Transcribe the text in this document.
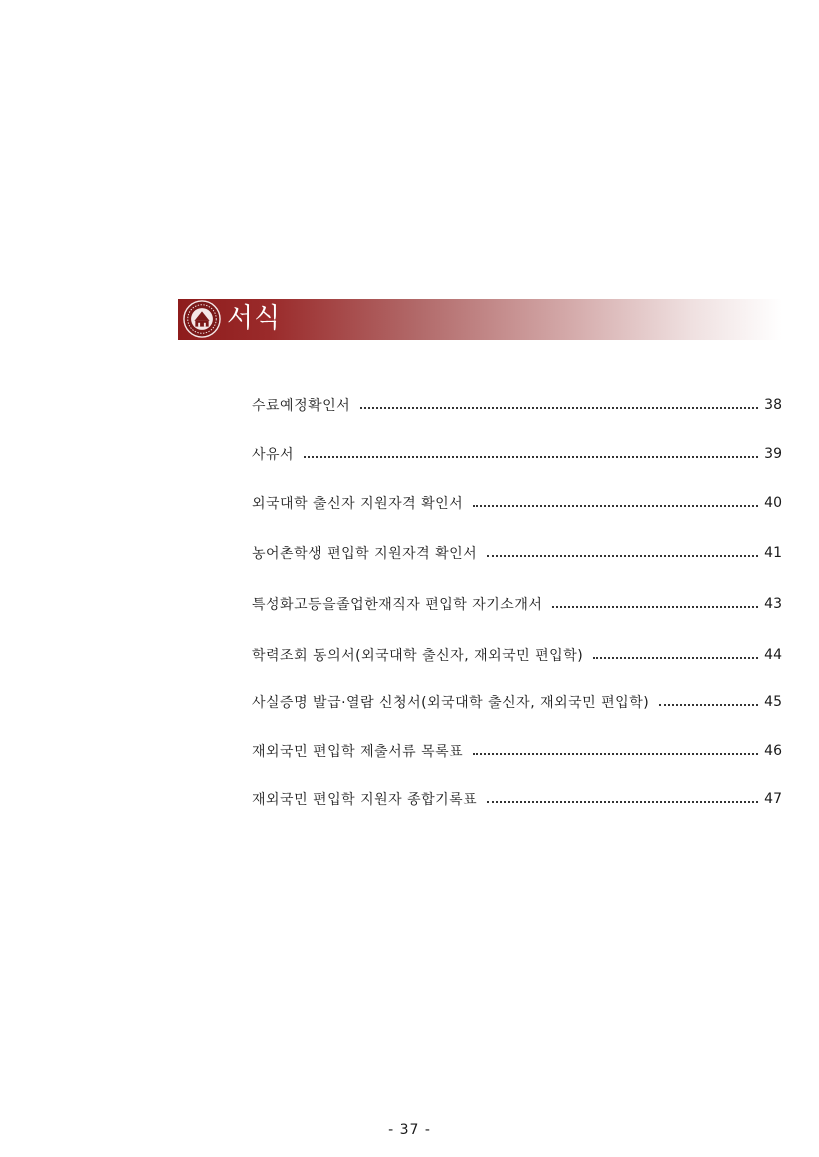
서식
수료예정확인서	38
사유서	39
외국대학 출신자 지원자격 확인서	40
농어촌학생 편입학 지원자격 확인서	41
특성화고등을졸업한재직자 편입학 자기소개서	43
학력조회 동의서(외국대학 출신자, 재외국민 편입학)	44
사실증명 발급·열람 신청서(외국대학 출신자, 재외국민 편입학)	45
재외국민 편입학 제출서류 목록표	46
재외국민 편입학 지원자 종합기록표	47
- 37 -
